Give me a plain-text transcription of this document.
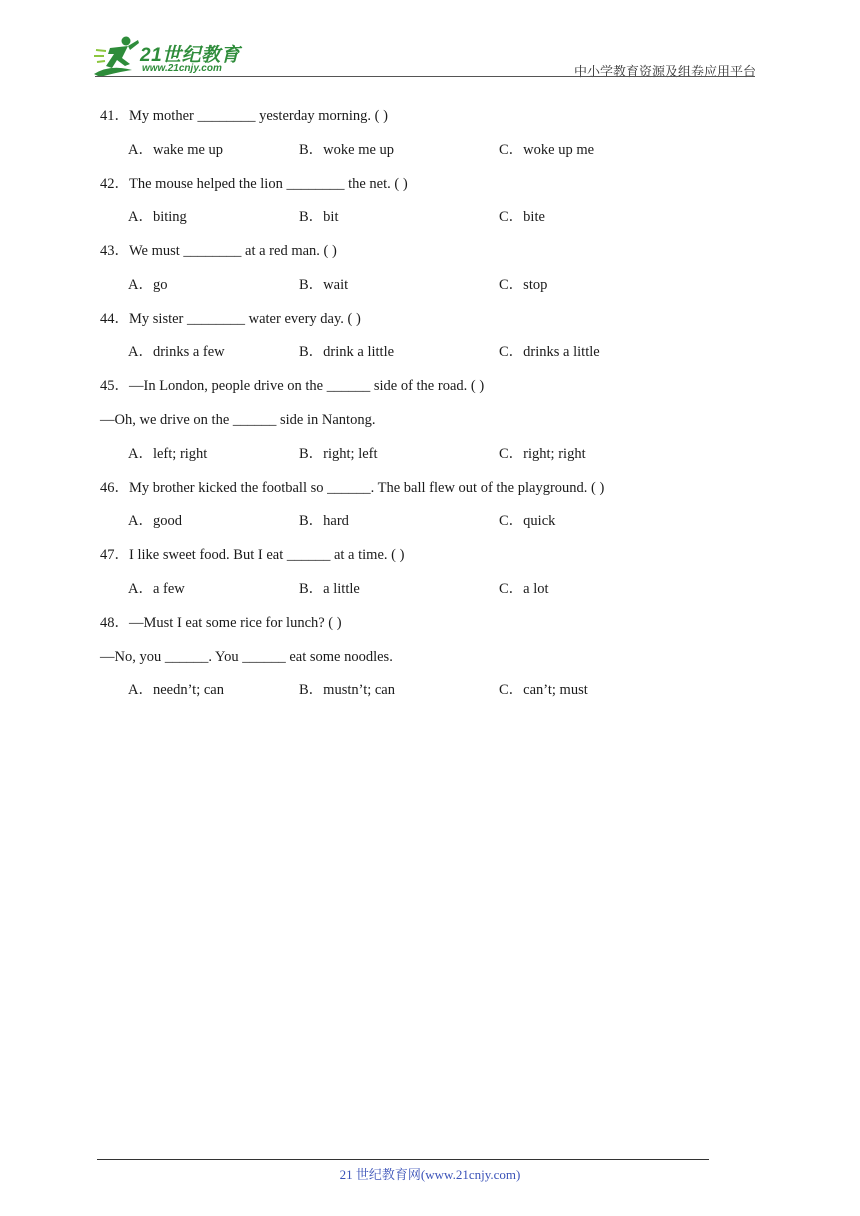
21世纪教育
www.21cnjy.com	中小学教育资源及组卷应用平台
41．My mother ________ yesterday morning. ( )
A．wake me up	B．woke me up	C．woke up me
42．The mouse helped the lion ________ the net. ( )
A．biting	B．bit	C．bite
43．We must ________ at a red man. ( )
A．go	B．wait	C．stop
44．My sister ________ water every day. ( )
A．drinks a few	B．drink a little	C．drinks a little
45．—In London, people drive on the ______ side of the road. ( )
—Oh, we drive on the ______ side in Nantong.
A．left; right	B．right; left	C．right; right
46．My brother kicked the football so ______. The ball flew out of the playground. ( )
A．good	B．hard	C．quick
47．I like sweet food. But I eat ______ at a time. ( )
A．a few	B．a little	C．a lot
48．—Must I eat some rice for lunch? ( )
—No, you ______. You ______ eat some noodles.
A．needn’t; can	B．mustn’t; can	C．can’t; must
21 世纪教育网(www.21cnjy.com)
